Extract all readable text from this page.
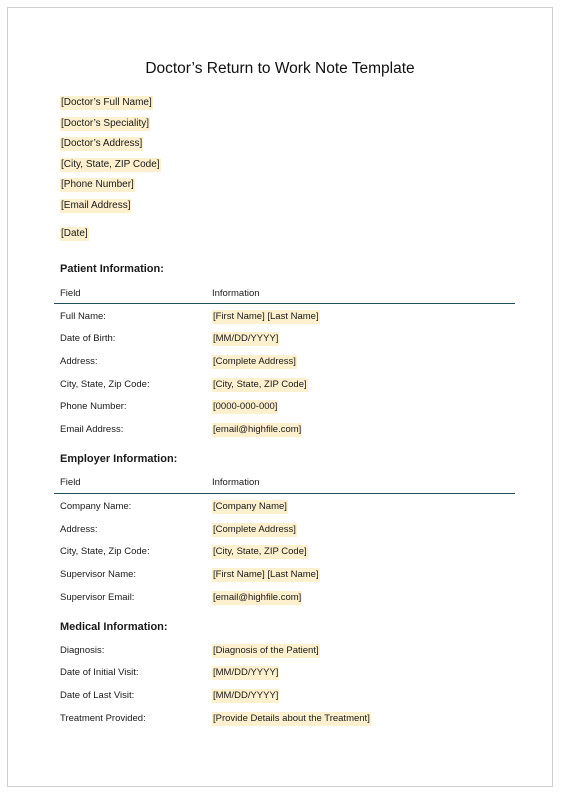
Doctor’s Return to Work Note Template
[Doctor’s Full Name]
[Doctor’s Speciality]
[Doctor’s Address]
[City, State, ZIP Code]
[Phone Number]
[Email Address]
[Date]
Patient Information:
Field	Information
Full Name:	[First Name] [Last Name]
Date of Birth:	[MM/DD/YYYY]
Address:	[Complete Address]
City, State, Zip Code:	[City, State, ZIP Code]
Phone Number:	[0000-000-000]
Email Address:	[email@highfile.com]
Employer Information:
Field	Information
Company Name:	[Company Name]
Address:	[Complete Address]
City, State, Zip Code:	[City, State, ZIP Code]
Supervisor Name:	[First Name] [Last Name]
Supervisor Email:	[email@highfile.com]
Medical Information:
Diagnosis:	[Diagnosis of the Patient]
Date of Initial Visit:	[MM/DD/YYYY]
Date of Last Visit:	[MM/DD/YYYY]
Treatment Provided:	[Provide Details about the Treatment]
